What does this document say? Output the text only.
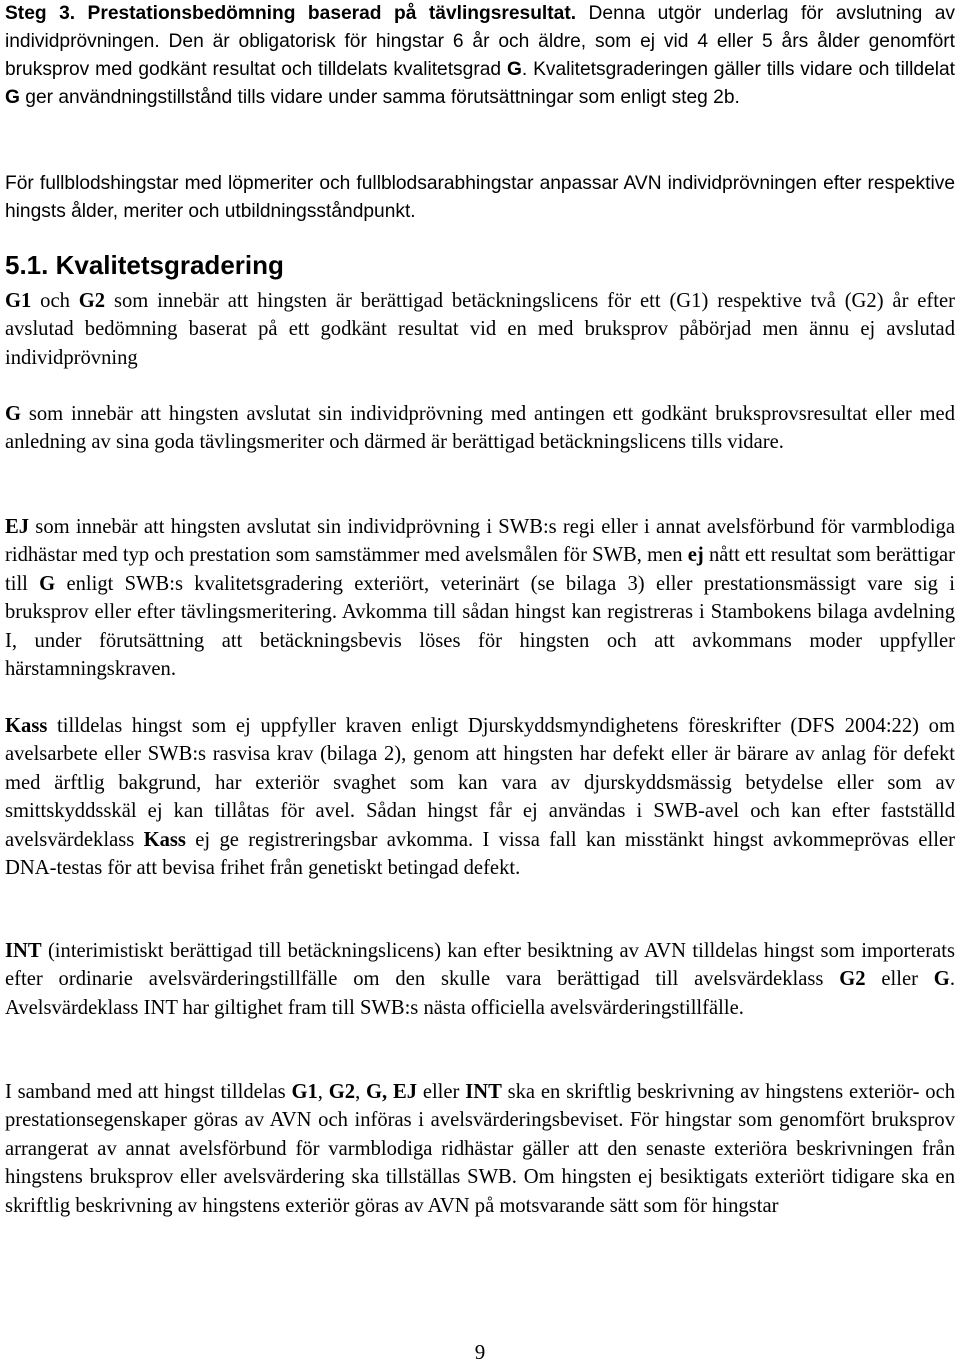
Steg 3. Prestationsbedömning baserad på tävlingsresultat. Denna utgör underlag för avslutning av individprövningen. Den är obligatorisk för hingstar 6 år och äldre, som ej vid 4 eller 5 års ålder genomfört bruksprov med godkänt resultat och tilldelats kvalitetsgrad G. Kvalitetsgraderingen gäller tills vidare och tilldelat G ger användningstillstånd tills vidare under samma förutsättningar som enligt steg 2b.

För fullblodshingstar med löpmeriter och fullblodsarabhingstar anpassar AVN individprövningen efter respektive hingsts ålder, meriter och utbildningsståndpunkt.

5.1. Kvalitetsgradering

G1 och G2 som innebär att hingsten är berättigad betäckningslicens för ett (G1) respektive två (G2) år efter avslutad bedömning baserat på ett godkänt resultat vid en med bruksprov påbörjad men ännu ej avslutad individprövning

G som innebär att hingsten avslutat sin individprövning med antingen ett godkänt bruksprovsresultat eller med anledning av sina goda tävlingsmeriter och därmed är berättigad betäckningslicens tills vidare.

EJ som innebär att hingsten avslutat sin individprövning i SWB:s regi eller i annat avelsförbund för varmblodiga ridhästar med typ och prestation som samstämmer med avelsmålen för SWB, men ej nått ett resultat som berättigar till G enligt SWB:s kvalitetsgradering exteriört, veterinärt (se bilaga 3) eller prestationsmässigt vare sig i bruksprov eller efter tävlingsmeritering. Avkomma till sådan hingst kan registreras i Stambokens bilaga avdelning I, under förutsättning att betäckningsbevis löses för hingsten och att avkommans moder uppfyller härstamningskraven.

Kass tilldelas hingst som ej uppfyller kraven enligt Djurskyddsmyndighetens föreskrifter (DFS 2004:22) om avelsarbete eller SWB:s rasvisa krav (bilaga 2), genom att hingsten har defekt eller är bärare av anlag för defekt med ärftlig bakgrund, har exteriör svaghet som kan vara av djurskyddsmässig betydelse eller som av smittskyddsskäl ej kan tillåtas för avel. Sådan hingst får ej användas i SWB-avel och kan efter fastställd avelsvärdeklass Kass ej ge registreringsbar avkomma. I vissa fall kan misstänkt hingst avkommeprövas eller DNA-testas för att bevisa frihet från genetiskt betingad defekt.

INT (interimistiskt berättigad till betäckningslicens) kan efter besiktning av AVN tilldelas hingst som importerats efter ordinarie avelsvärderingstillfälle om den skulle vara berättigad till avelsvärdeklass G2 eller G. Avelsvärdeklass INT har giltighet fram till SWB:s nästa officiella avelsvärderingstillfälle.

I samband med att hingst tilldelas G1, G2, G, EJ eller INT ska en skriftlig beskrivning av hingstens exteriör- och prestationsegenskaper göras av AVN och införas i avelsvärderingsbeviset. För hingstar som genomfört bruksprov arrangerat av annat avelsförbund för varmblodiga ridhästar gäller att den senaste exteriöra beskrivningen från hingstens bruksprov eller avelsvärdering ska tillställas SWB. Om hingsten ej besiktigats exteriört tidigare ska en skriftlig beskrivning av hingstens exteriör göras av AVN på motsvarande sätt som för hingstar

9
